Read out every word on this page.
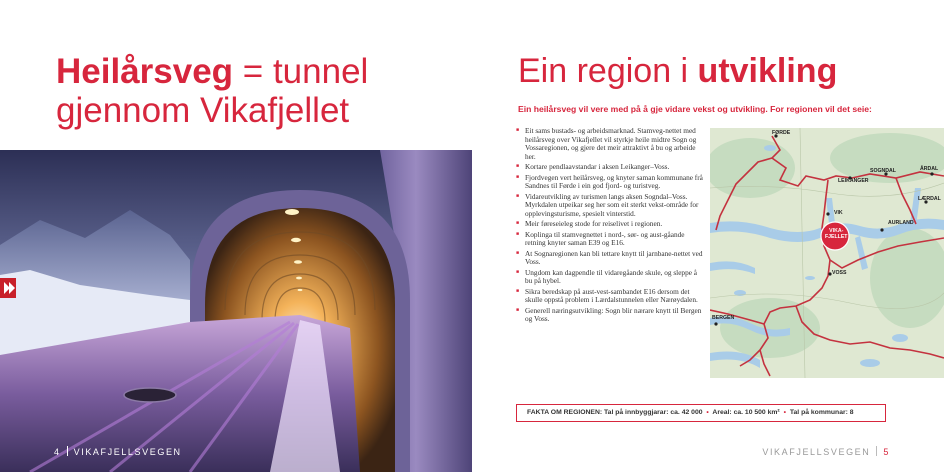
Heilårsveg = tunnel
gjennom Vikafjellet
4 VIKAFJELLSVEGEN
Ein region i utvikling
Ein heilårsveg vil vere med på å gje vidare vekst og utvikling. For regionen vil det seie:
■ Eit sams bustads- og arbeidsmarknad. Stamveg-nettet med heilårsveg over Vikafjellet vil styrkje heile midtre Sogn og Vossaregionen, og gjere det meir attraktivt å bu og arbeide her.
■ Kortare pendlaavstandar i aksen Leikanger–Voss.
■ Fjordvegen vert heilårsveg, og knyter saman kommunane frå Sandnes til Førde i ein god fjord- og turistveg.
■ Vidareutvikling av turismen langs aksen Sogndal–Voss. Myrkdalen utpeikar seg her som eit sterkt vekst-område for opplevingsturisme, spesielt vinterstid.
■ Meir føreseieleg stode for reiselivet i regionen.
■ Koplinga til stamvegnettet i nord-, sør- og aust-gåande retning knyter saman E39 og E16.
■ At Sognaregionen kan bli tettare knytt til jarnbane-nettet ved Voss.
■ Ungdom kan dagpendle til vidaregåande skule, og sleppe å bu på hybel.
■ Sikra beredskap på aust-vest-sambandet E16 dersom det skulle oppstå problem i Lærdalstunnelen eller Nærøydalen.
■ Generell næringsutvikling: Sogn blir nærare knytt til Bergen og Voss.
FØRDE
SOGNDAL	ÅRDAL
LEIKANGER
LÆRDAL
VIK
AURLAND
VIKA-
FJELLET
VOSS
BERGEN
FAKTA OM REGIONEN: Tal på innbyggjarar: ca. 42 000 • Areal: ca. 10 500 km² • Tal på kommunar: 8
VIKAFJELLSVEGEN 5
